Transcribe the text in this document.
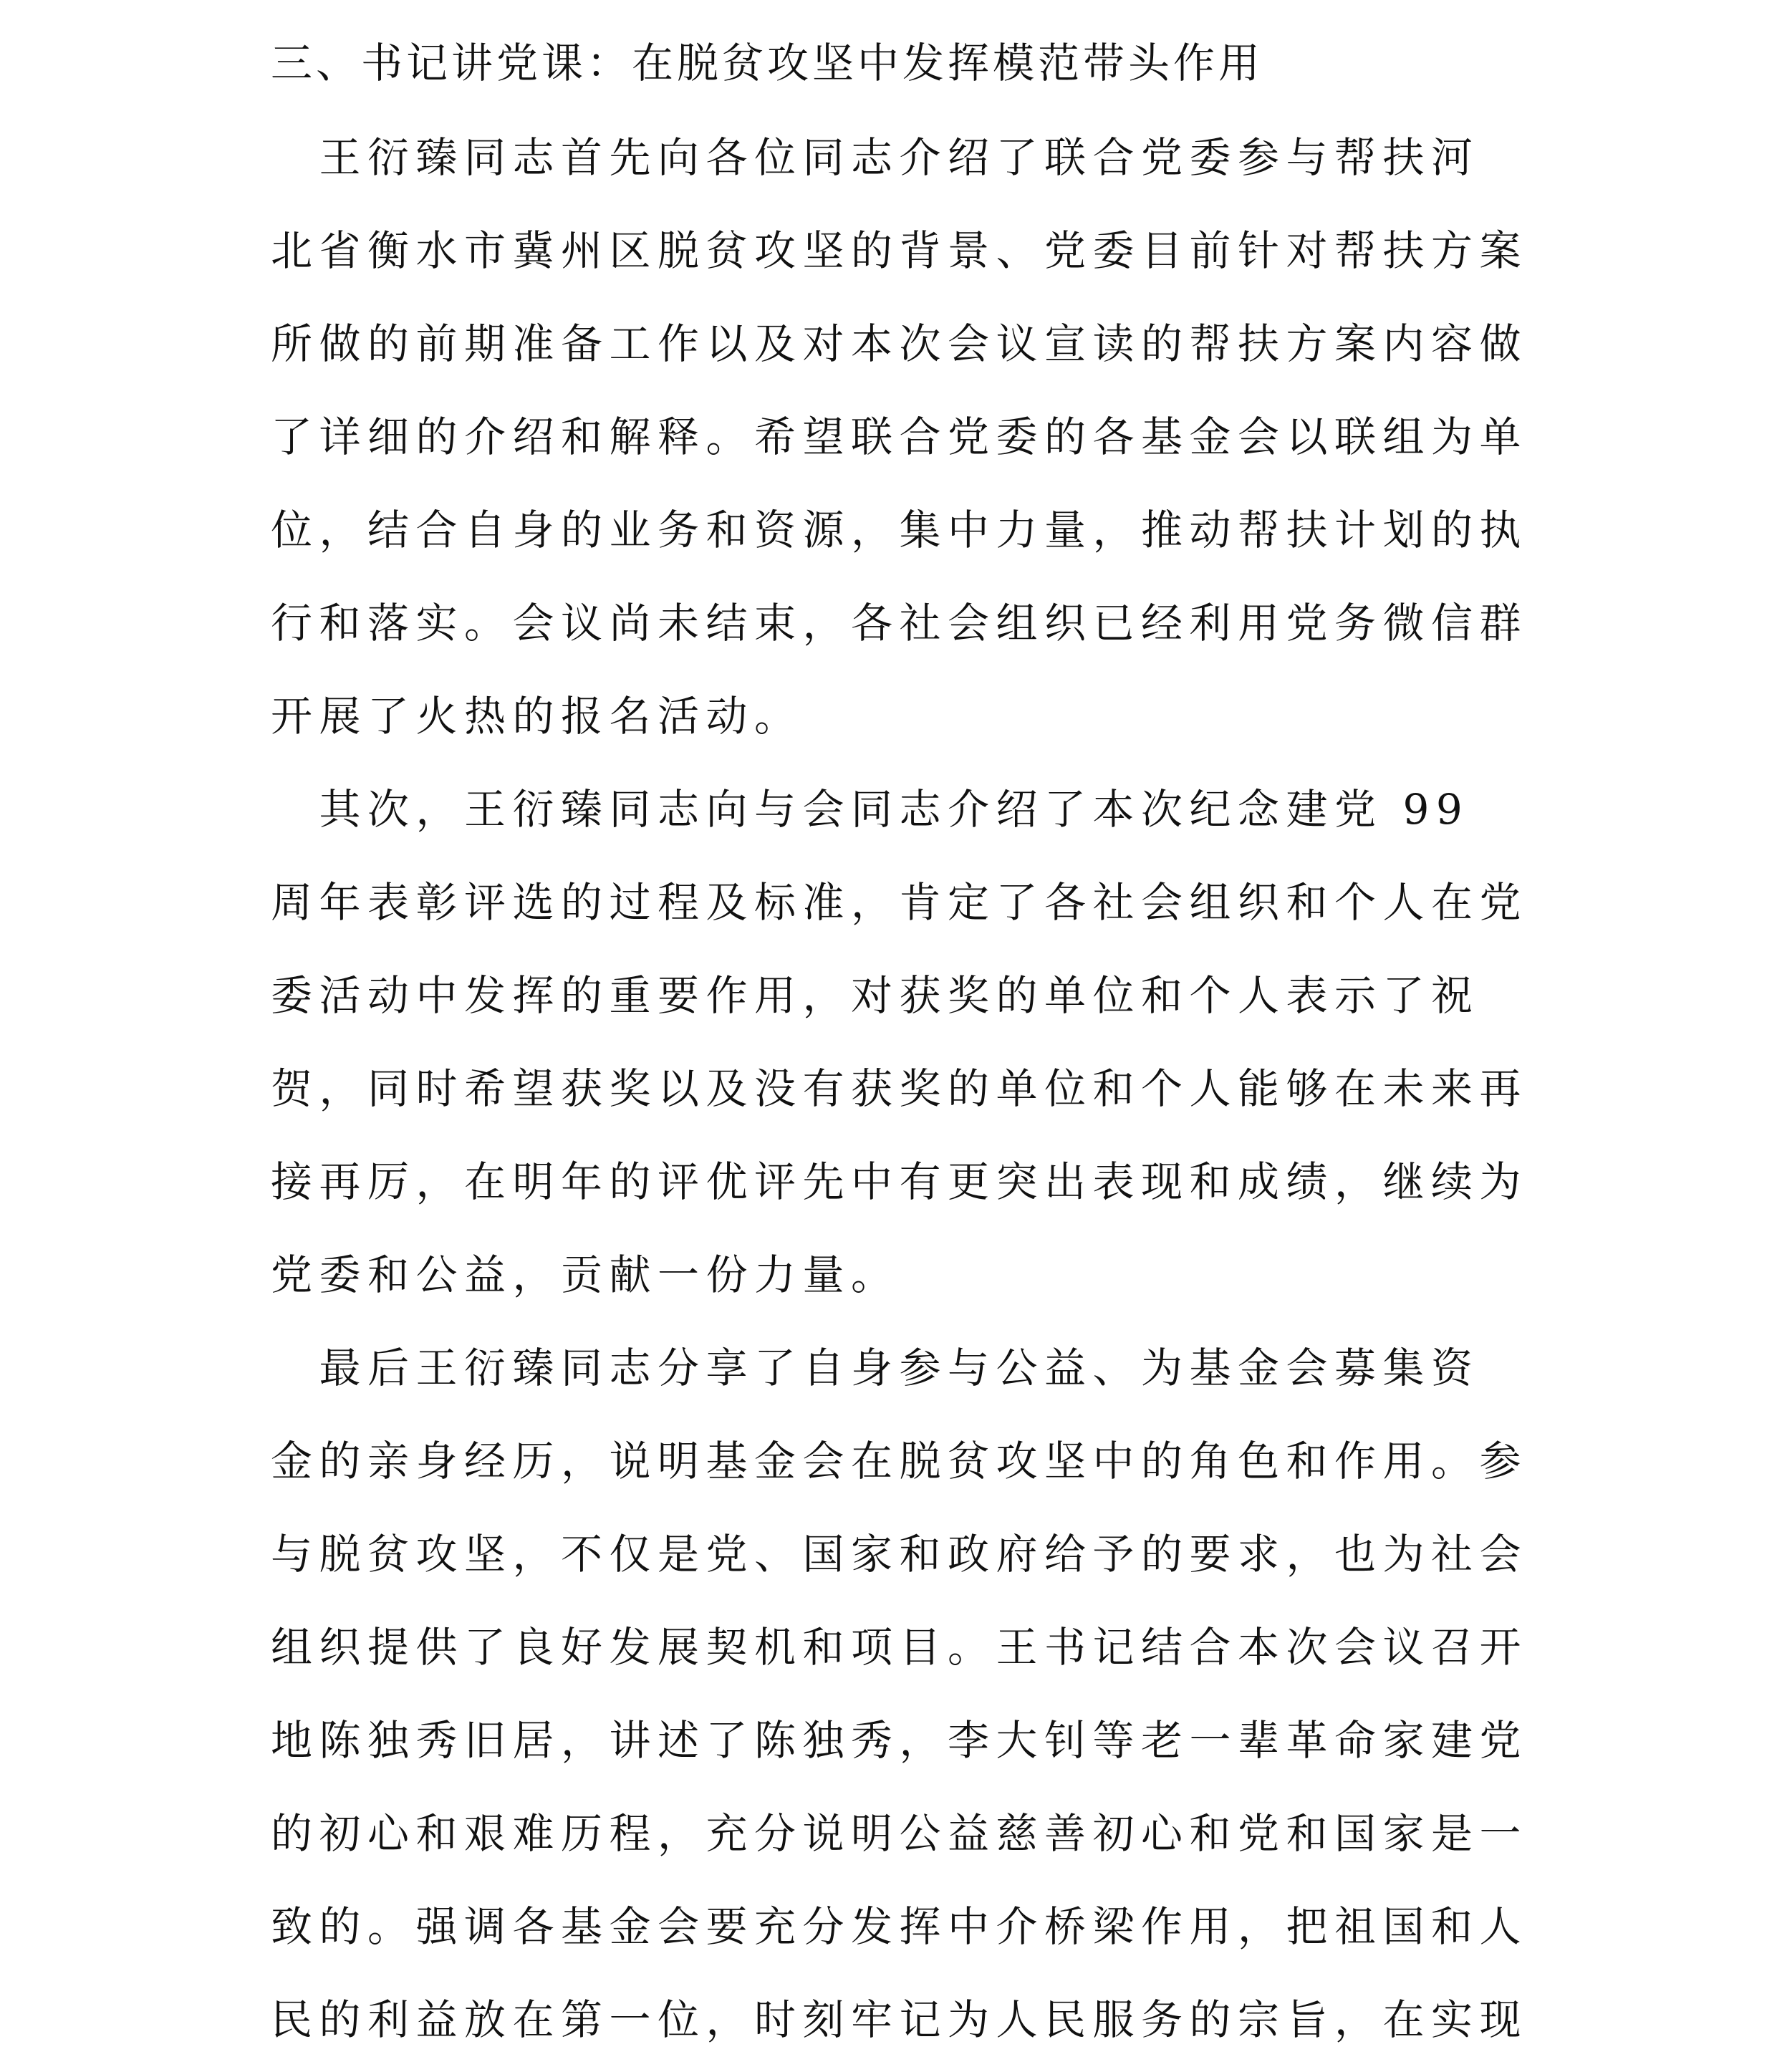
三、书记讲党课：在脱贫攻坚中发挥模范带头作用
　王衍臻同志首先向各位同志介绍了联合党委参与帮扶河
北省衡水市冀州区脱贫攻坚的背景、党委目前针对帮扶方案
所做的前期准备工作以及对本次会议宣读的帮扶方案内容做
了详细的介绍和解释。希望联合党委的各基金会以联组为单
位，结合自身的业务和资源，集中力量，推动帮扶计划的执
行和落实。会议尚未结束，各社会组织已经利用党务微信群
开展了火热的报名活动。
　其次，王衍臻同志向与会同志介绍了本次纪念建党 99
周年表彰评选的过程及标准，肯定了各社会组织和个人在党
委活动中发挥的重要作用，对获奖的单位和个人表示了祝
贺，同时希望获奖以及没有获奖的单位和个人能够在未来再
接再厉，在明年的评优评先中有更突出表现和成绩，继续为
党委和公益，贡献一份力量。
　最后王衍臻同志分享了自身参与公益、为基金会募集资
金的亲身经历，说明基金会在脱贫攻坚中的角色和作用。参
与脱贫攻坚，不仅是党、国家和政府给予的要求，也为社会
组织提供了良好发展契机和项目。王书记结合本次会议召开
地陈独秀旧居，讲述了陈独秀，李大钊等老一辈革命家建党
的初心和艰难历程，充分说明公益慈善初心和党和国家是一
致的。强调各基金会要充分发挥中介桥梁作用，把祖国和人
民的利益放在第一位，时刻牢记为人民服务的宗旨，在实现
